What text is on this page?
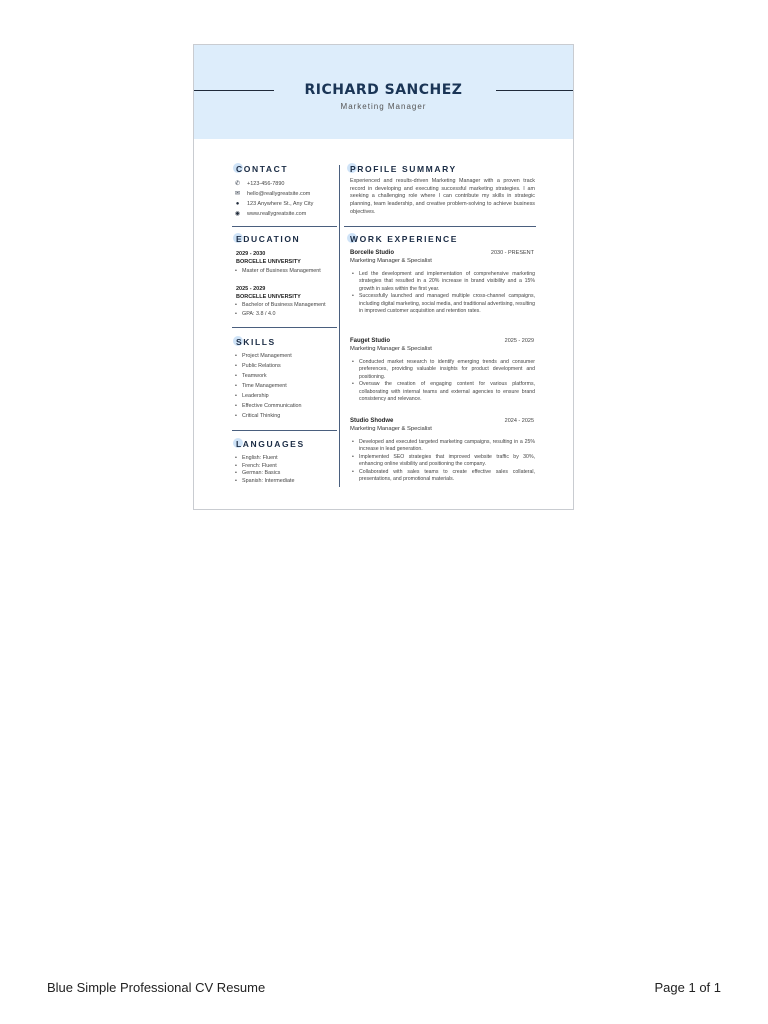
RICHARD SANCHEZ
Marketing Manager
CONTACT
✆ +123-456-7890
✉ hello@reallygreatsite.com
●	123 Anywhere St., Any City
◉ www.reallygreatsite.com
EDUCATION
2029 - 2030
BORCELLE UNIVERSITY
• Master of Business Management
2025 - 2029
BORCELLE UNIVERSITY
• Bachelor of Business Management
• GPA: 3.8 / 4.0
SKILLS
• Project Management
• Public Relations
• Teamwork
• Time Management
• Leadership
• Effective Communication
• Critical Thinking
LANGUAGES
• English: Fluent
• French: Fluent
• German: Basics
• Spanish: Intermediate
PROFILE SUMMARY
Experienced and results-driven Marketing Manager with a proven track record in developing and executing successful marketing strategies. I am seeking a challenging role where I can contribute my skills in strategic planning, team leadership, and creative problem-solving to achieve business objectives.
WORK EXPERIENCE
Borcelle Studio	2030 - PRESENT
Marketing Manager & Specialist
• Led the development and implementation of comprehensive marketing strategies that resulted in a 20% increase in brand visibility and a 15% growth in sales within the first year.
• Successfully launched and managed multiple cross-channel campaigns, including digital marketing, social media, and traditional advertising, resulting in improved customer acquisition and retention rates.
Fauget Studio	2025 - 2029
Marketing Manager & Specialist
• Conducted market research to identify emerging trends and consumer preferences, providing valuable insights for product development and positioning.
• Oversaw the creation of engaging content for various platforms, collaborating with internal teams and external agencies to ensure brand consistency and relevance.
Studio Shodwe	2024 - 2025
Marketing Manager & Specialist
• Developed and executed targeted marketing campaigns, resulting in a 25% increase in lead generation.
• Implemented SEO strategies that improved website traffic by 30%, enhancing online visibility and positioning the company.
• Collaborated with sales teams to create effective sales collateral, presentations, and promotional materials.
Blue Simple Professional CV Resume	Page 1 of 1
